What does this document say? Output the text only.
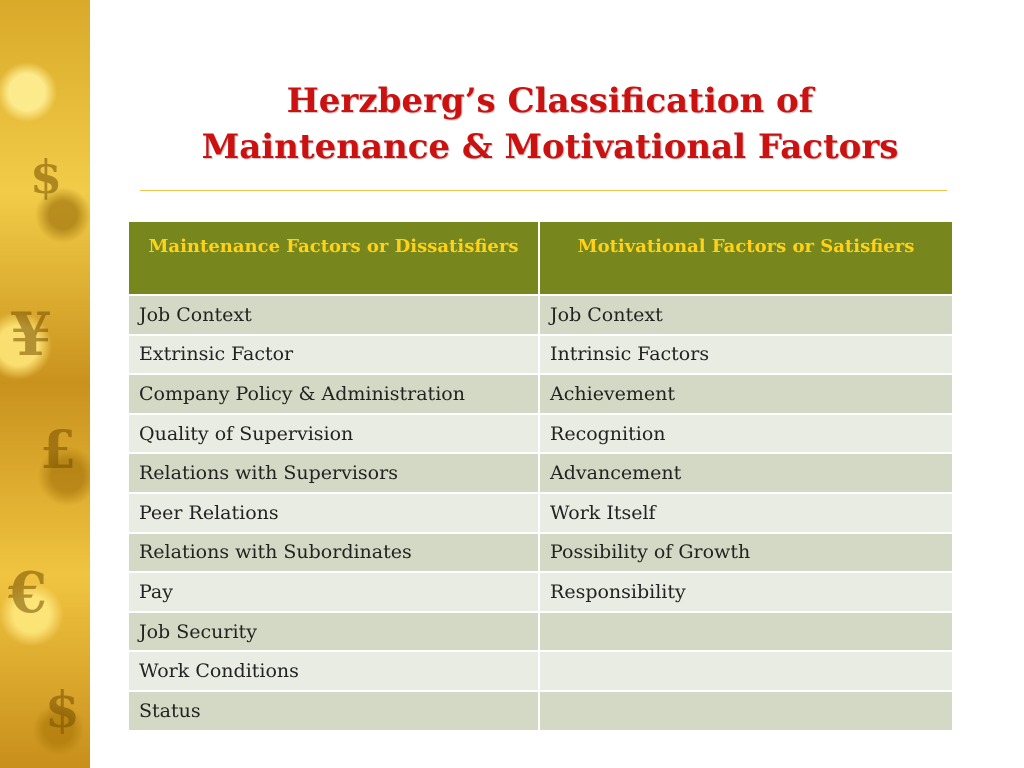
$
¥
£
€
$
Herzberg’s Classification of
Maintenance & Motivational Factors
Maintenance Factors or Dissatisfiers	Motivational Factors or Satisfiers
Job Context	Job Context
Extrinsic Factor	Intrinsic Factors
Company Policy & Administration	Achievement
Quality of Supervision	Recognition
Relations with Supervisors	Advancement
Peer Relations	Work Itself
Relations with Subordinates	Possibility of Growth
Pay	Responsibility
Job Security	
Work Conditions	
Status	
